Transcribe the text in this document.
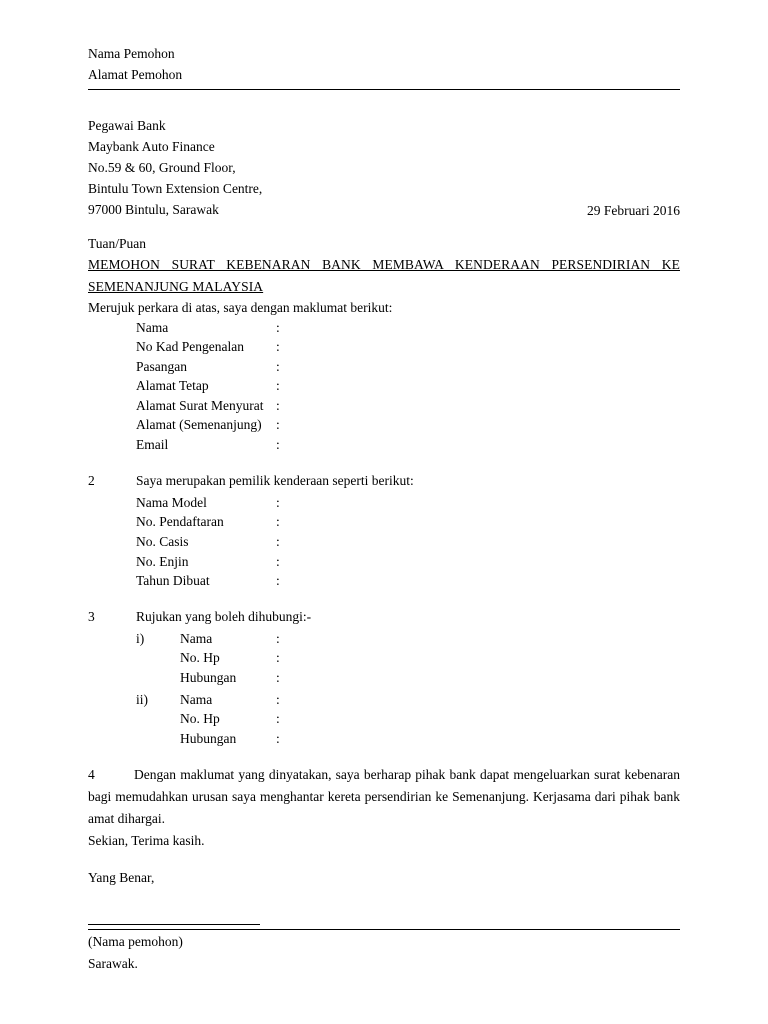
Nama Pemohon
Alamat Pemohon
Pegawai Bank
Maybank Auto Finance
No.59 & 60, Ground Floor,
Bintulu Town Extension Centre,
97000 Bintulu, Sarawak	29 Februari 2016
Tuan/Puan
MEMOHON SURAT KEBENARAN BANK MEMBAWA KENDERAAN PERSENDIRIAN KE SEMENANJUNG MALAYSIA
Merujuk perkara di atas, saya dengan maklumat berikut:
Nama	:
No Kad Pengenalan	:
Pasangan	:
Alamat Tetap	:
Alamat Surat Menyurat :
Alamat (Semenanjung)	:
Email	:
2	Saya merupakan pemilik kenderaan seperti berikut:
Nama Model	:
No. Pendaftaran	:
No. Casis	:
No. Enjin	:
Tahun Dibuat	:
3	Rujukan yang boleh dihubungi:-
i)	Nama	:
No. Hp	:
Hubungan	:
ii)	Nama	:
No. Hp	:
Hubungan	:
4	Dengan maklumat yang dinyatakan, saya berharap pihak bank dapat mengeluarkan surat kebenaran bagi memudahkan urusan saya menghantar kereta persendirian ke Semenanjung. Kerjasama dari pihak bank amat dihargai.
Sekian, Terima kasih.
Yang Benar,
(Nama pemohon)
Sarawak.
